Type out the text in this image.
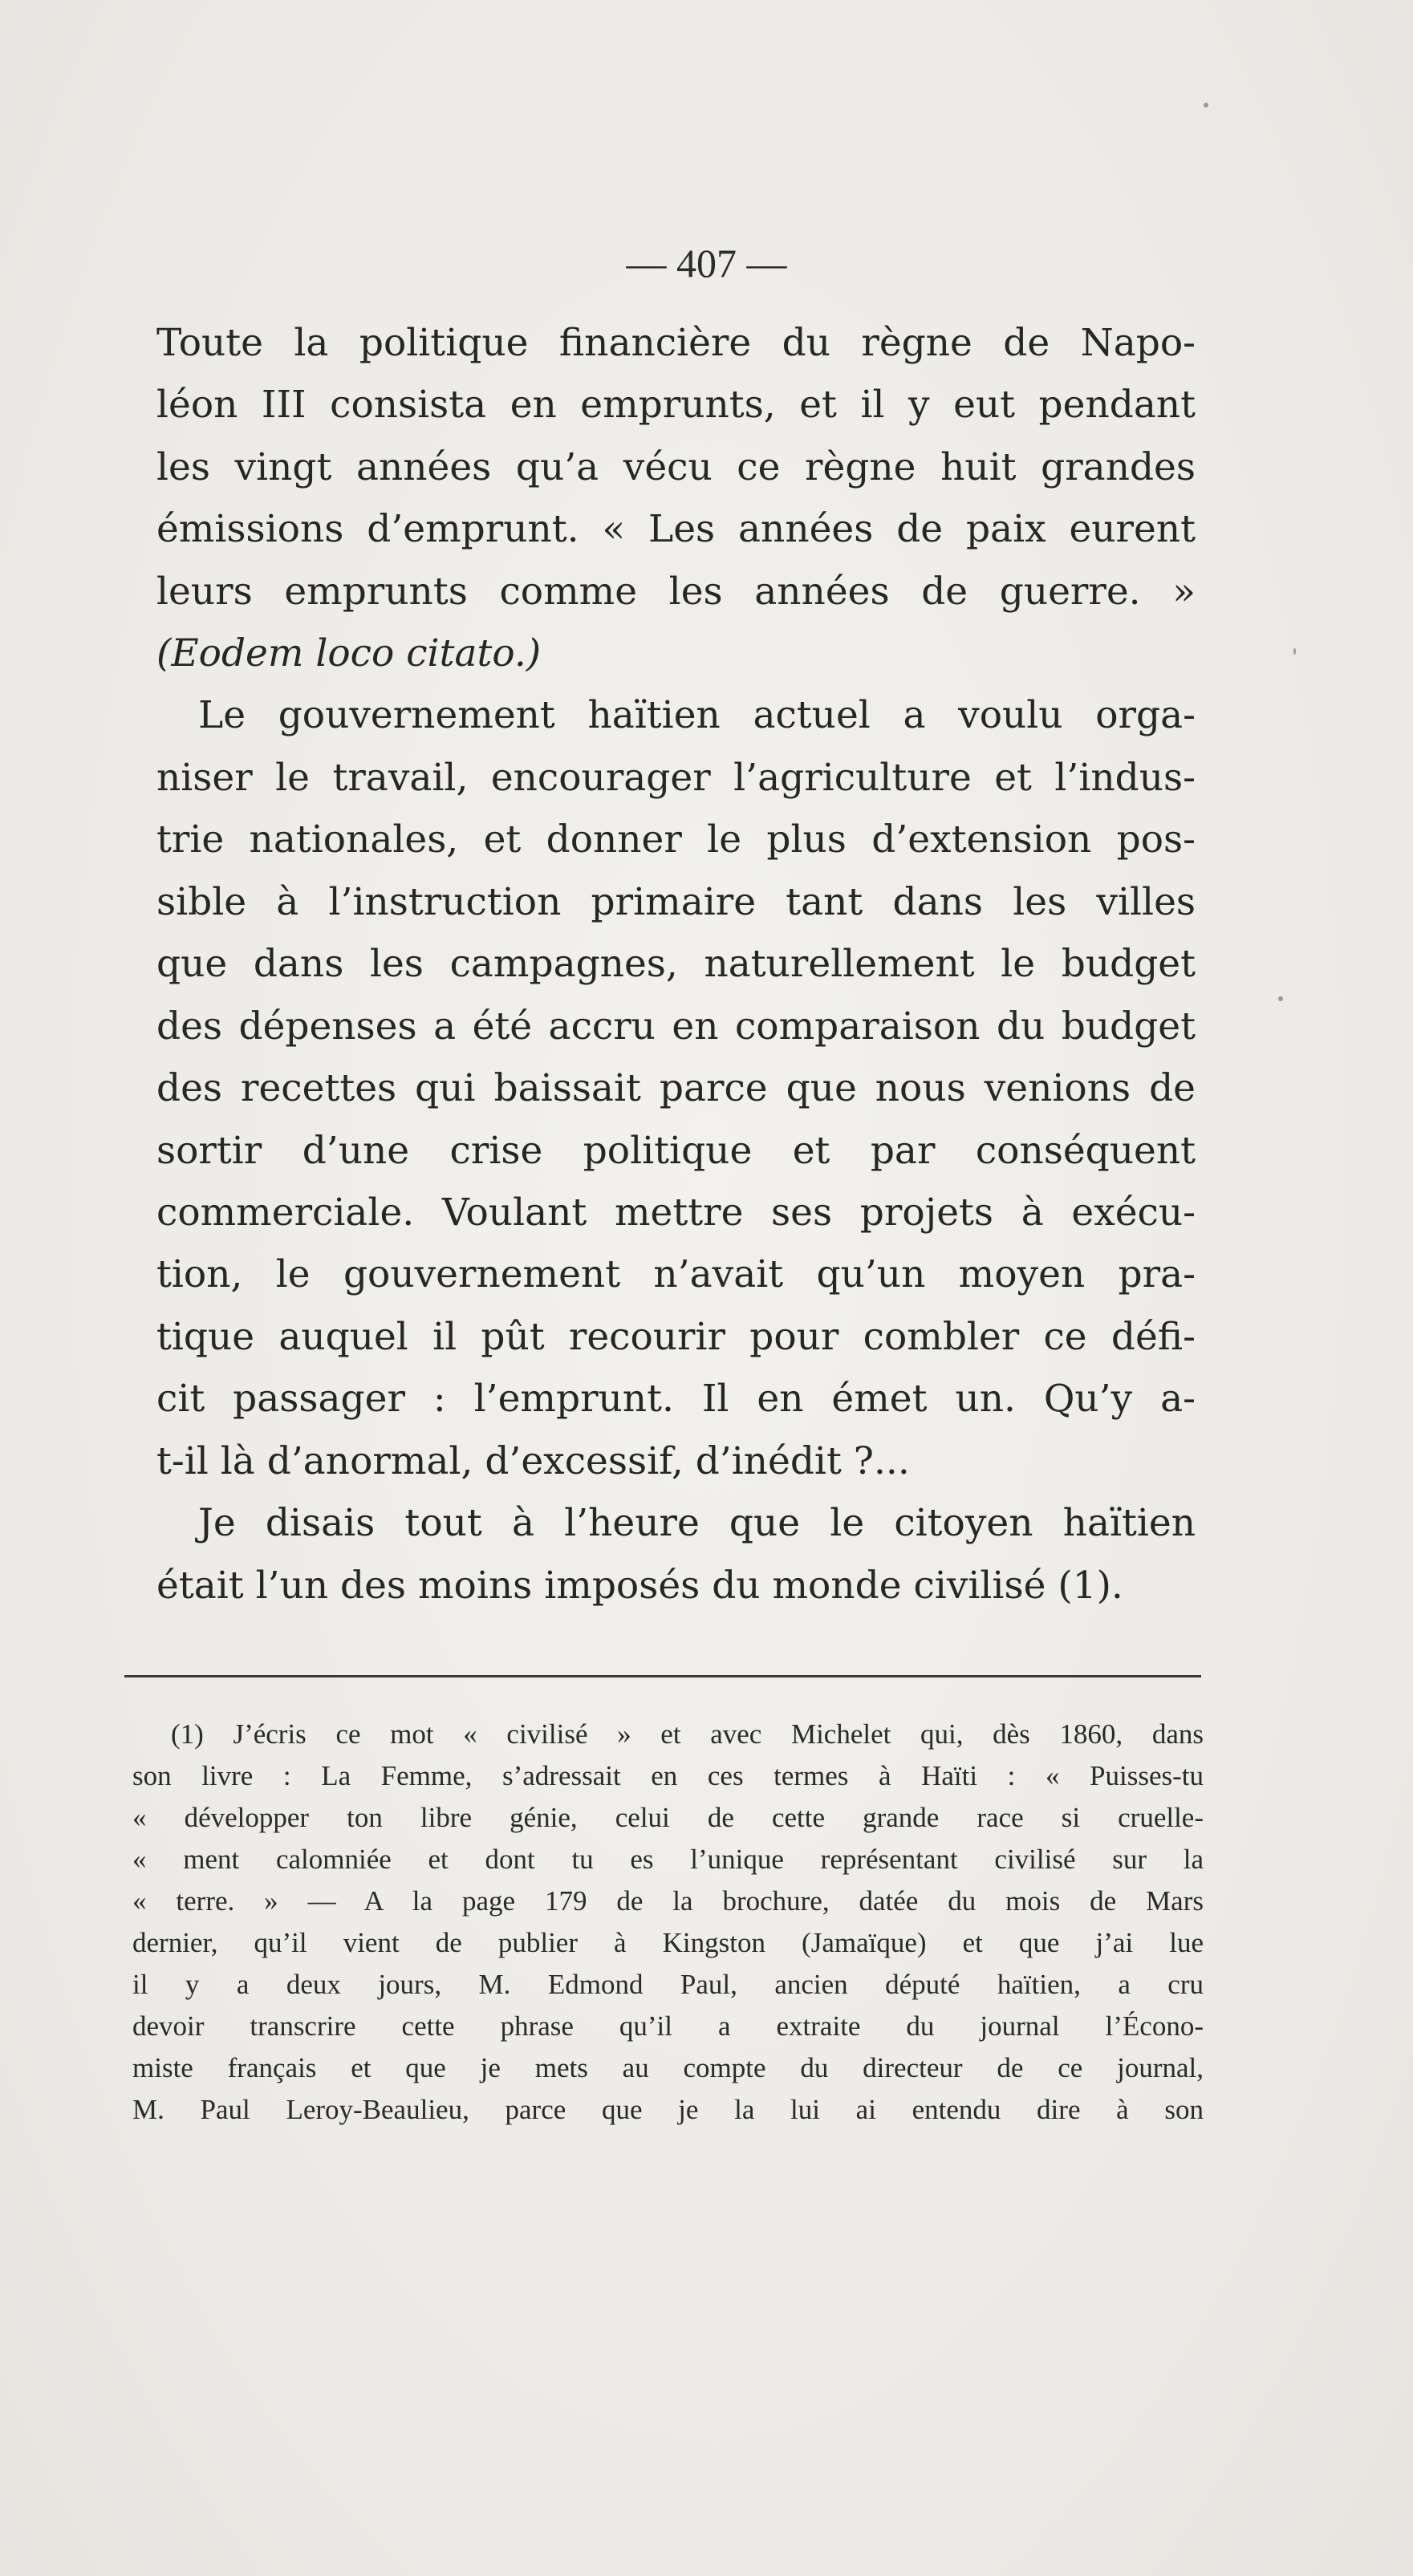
— 407 —
Toute la politique financière du règne de Napo-
léon III consista en emprunts, et il y eut pendant
les vingt années qu’a vécu ce règne huit grandes
émissions d’emprunt. « Les années de paix eurent
leurs emprunts comme les années de guerre. »
(Eodem loco citato.)
Le gouvernement haïtien actuel a voulu orga-
niser le travail, encourager l’agriculture et l’indus-
trie nationales, et donner le plus d’extension pos-
sible à l’instruction primaire tant dans les villes
que dans les campagnes, naturellement le budget
des dépenses a été accru en comparaison du budget
des recettes qui baissait parce que nous venions de
sortir d’une crise politique et par conséquent
commerciale. Voulant mettre ses projets à exécu-
tion, le gouvernement n’avait qu’un moyen pra-
tique auquel il pût recourir pour combler ce défi-
cit passager : l’emprunt. Il en émet un. Qu’y a-
t-il là d’anormal, d’excessif, d’inédit ?...
Je disais tout à l’heure que le citoyen haïtien
était l’un des moins imposés du monde civilisé (1).
(1) J’écris ce mot « civilisé » et avec Michelet qui, dès 1860, dans
son livre : La Femme, s’adressait en ces termes à Haïti : « Puisses-tu
« développer ton libre génie, celui de cette grande race si cruelle-
« ment calomniée et dont tu es l’unique représentant civilisé sur la
« terre. » — A la page 179 de la brochure, datée du mois de Mars
dernier, qu’il vient de publier à Kingston (Jamaïque) et que j’ai lue
il y a deux jours, M. Edmond Paul, ancien député haïtien, a cru
devoir transcrire cette phrase qu’il a extraite du journal l’Écono-
miste français et que je mets au compte du directeur de ce journal,
M. Paul Leroy-Beaulieu, parce que je la lui ai entendu dire à son
